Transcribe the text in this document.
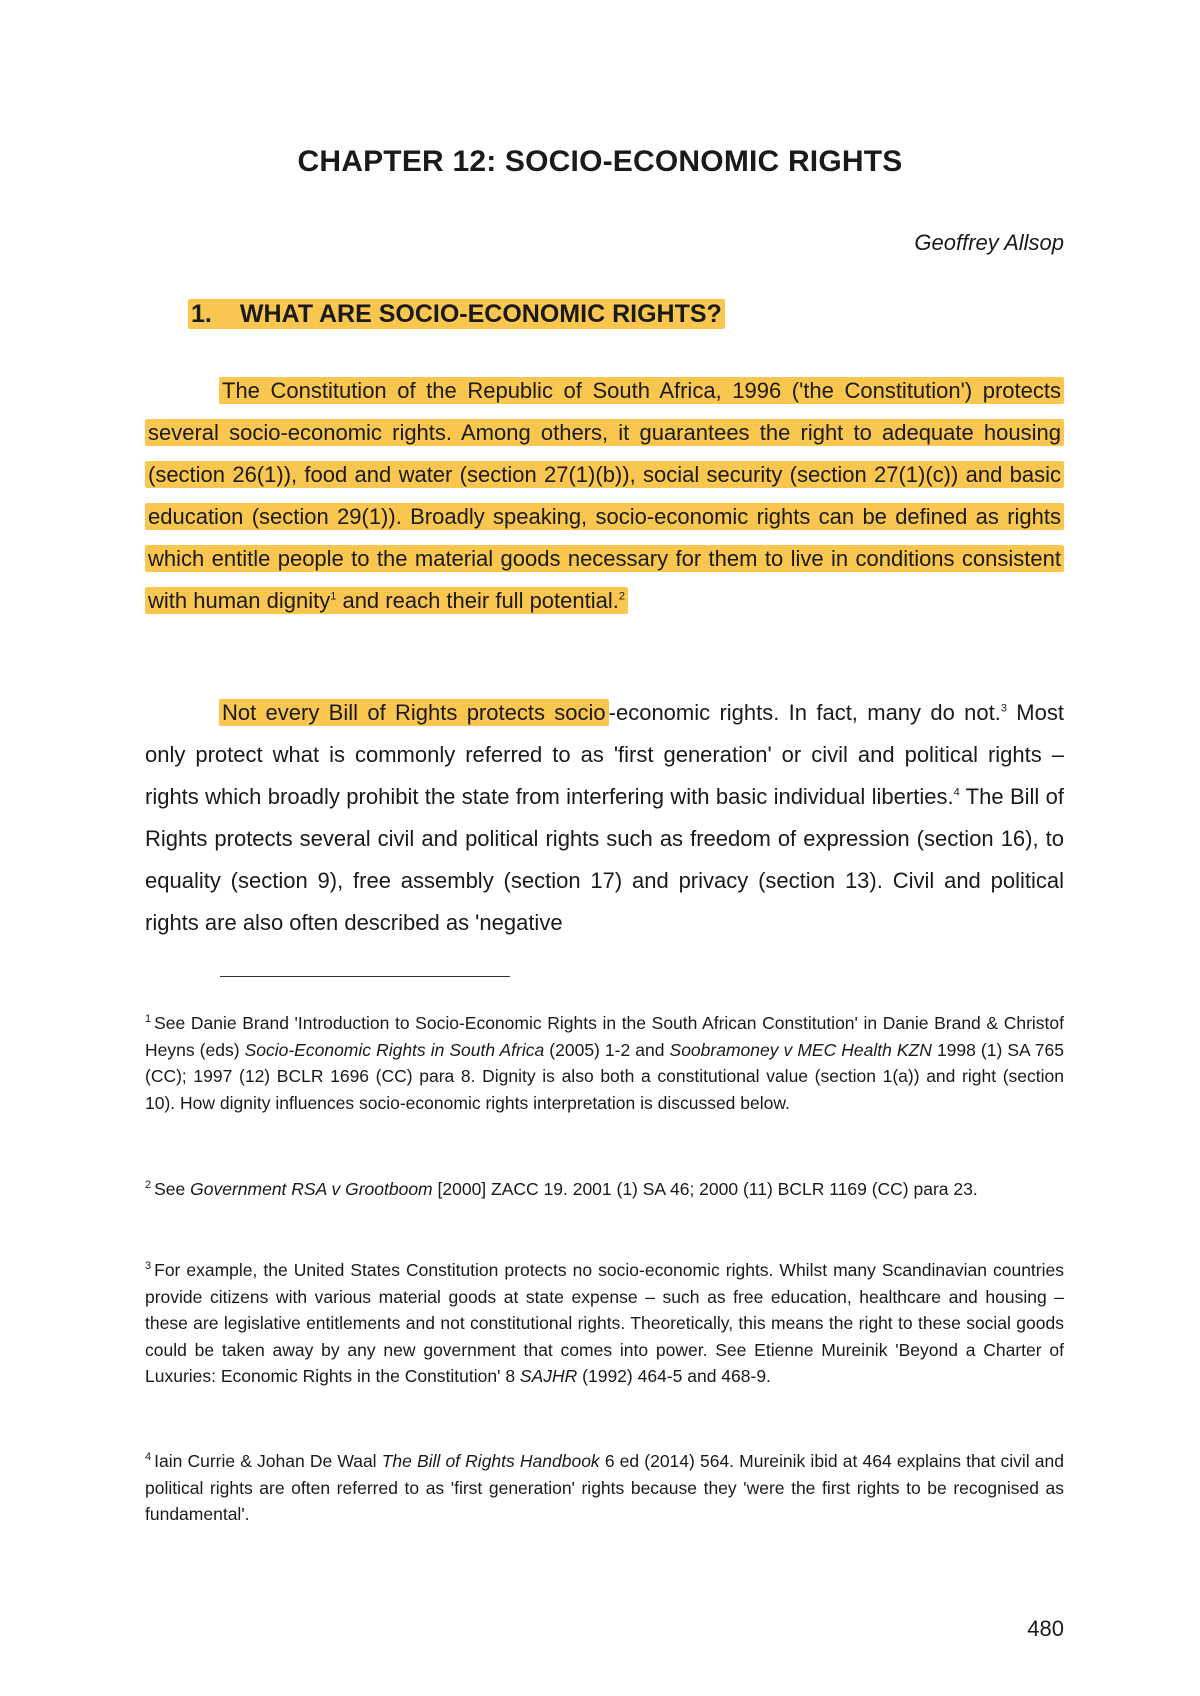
CHAPTER 12: SOCIO-ECONOMIC RIGHTS
Geoffrey Allsop
1. WHAT ARE SOCIO-ECONOMIC RIGHTS?

The Constitution of the Republic of South Africa, 1996 ('the Constitution') protects several socio-economic rights. Among others, it guarantees the right to adequate housing (section 26(1)), food and water (section 27(1)(b)), social security (section 27(1)(c)) and basic education (section 29(1)). Broadly speaking, socio-economic rights can be defined as rights which entitle people to the material goods necessary for them to live in conditions consistent with human dignity$^1$ and reach their full potential.$^2$

Not every Bill of Rights protects socio -economic rights. In fact, many do not.$^3$ Most only protect what is commonly referred to as 'first generation' or civil and political rights – rights which broadly prohibit the state from interfering with basic individual liberties.$^4$ The Bill of Rights protects several civil and political rights such as freedom of expression (section 16), to equality (section 9), free assembly (section 17) and privacy (section 13). Civil and political rights are also often described as 'negative

$^1$ See Danie Brand 'Introduction to Socio-Economic Rights in the South African Constitution' in Danie Brand & Christof Heyns (eds) Socio-Economic Rights in South Africa (2005) 1-2 and Soobramoney v MEC Health KZN 1998 (1) SA 765 (CC); 1997 (12) BCLR 1696 (CC) para 8. Dignity is also both a constitutional value (section 1(a)) and right (section 10). How dignity influences socio-economic rights interpretation is discussed below.

$^2$ See Government RSA v Grootboom [2000] ZACC 19. 2001 (1) SA 46; 2000 (11) BCLR 1169 (CC) para 23.

$^3$ For example, the United States Constitution protects no socio-economic rights. Whilst many Scandinavian countries provide citizens with various material goods at state expense – such as free education, healthcare and housing – these are legislative entitlements and not constitutional rights. Theoretically, this means the right to these social goods could be taken away by any new government that comes into power. See Etienne Mureinik 'Beyond a Charter of Luxuries: Economic Rights in the Constitution' 8 SAJHR (1992) 464-5 and 468-9.

$^4$ Iain Currie & Johan De Waal The Bill of Rights Handbook 6 ed (2014) 564. Mureinik ibid at 464 explains that civil and political rights are often referred to as 'first generation' rights because they 'were the first rights to be recognised as fundamental'.

480
